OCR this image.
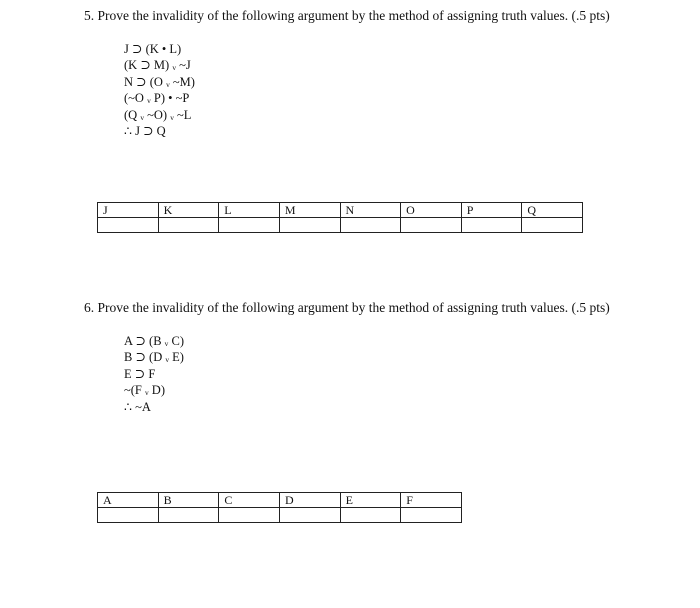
5. Prove the invalidity of the following argument by the method of assigning truth values. (.5 pts)
J ⊃ (K • L)
(K ⊃ M) ᵥ ~J
N ⊃ (O ᵥ ~M)
(~O ᵥ P) • ~P
(Q ᵥ ~O) ᵥ ~L
∴ J ⊃ Q
J	K	L	M	N	O	P	Q

6. Prove the invalidity of the following argument by the method of assigning truth values. (.5 pts)
A ⊃ (B ᵥ C)
B ⊃ (D ᵥ E)
E ⊃ F
~(F ᵥ D)
∴ ~A
A	B	C	D	E	F
